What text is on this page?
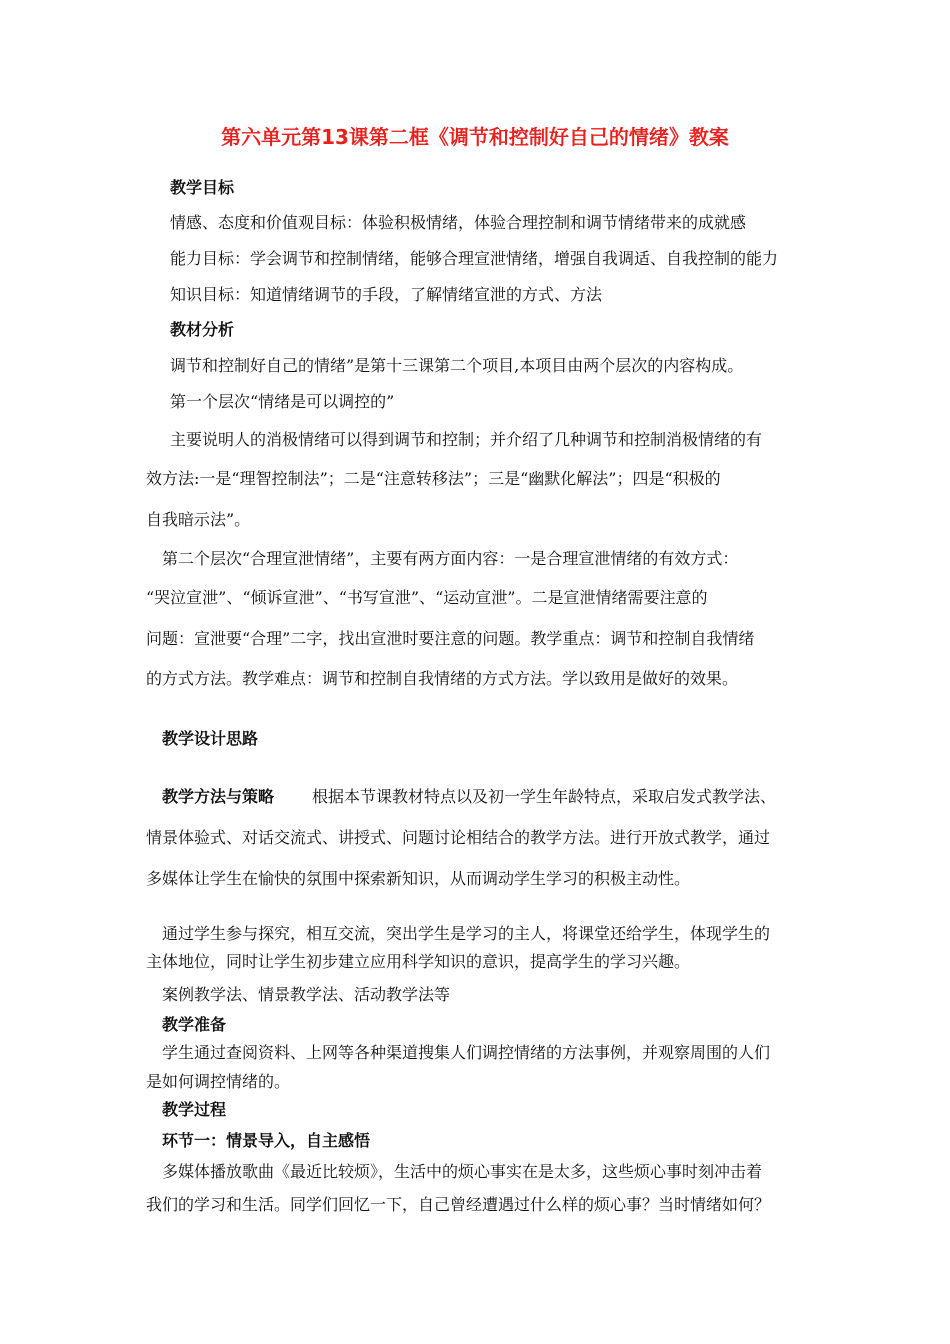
第六单元第13课第二框《调节和控制好自己的情绪》教案
教学目标
情感、态度和价值观目标：体验积极情绪，体验合理控制和调节情绪带来的成就感
能力目标：学会调节和控制情绪，能够合理宣泄情绪，增强自我调适、自我控制的能力
知识目标：知道情绪调节的手段，了解情绪宣泄的方式、方法
教材分析
调节和控制好自己的情绪”是第十三课第二个项目,本项目由两个层次的内容构成。
第一个层次“情绪是可以调控的”
主要说明人的消极情绪可以得到调节和控制；并介绍了几种调节和控制消极情绪的有
效方法:一是“理智控制法”；二是“注意转移法”；三是“幽默化解法”；四是“积极的
自我暗示法”。
第二个层次“合理宣泄情绪”，主要有两方面内容：一是合理宣泄情绪的有效方式：
“哭泣宣泄”、“倾诉宣泄”、“书写宣泄”、“运动宣泄”。二是宣泄情绪需要注意的
问题：宣泄要“合理”二字，找出宣泄时要注意的问题。教学重点：调节和控制自我情绪
的方式方法。教学难点：调节和控制自我情绪的方式方法。学以致用是做好的效果。
教学设计思路
教学方法与策略 根据本节课教材特点以及初一学生年龄特点，采取启发式教学法、
情景体验式、对话交流式、讲授式、问题讨论相结合的教学方法。进行开放式教学，通过
多媒体让学生在愉快的氛围中探索新知识，从而调动学生学习的积极主动性。
通过学生参与探究，相互交流，突出学生是学习的主人，将课堂还给学生，体现学生的
主体地位，同时让学生初步建立应用科学知识的意识，提高学生的学习兴趣。
案例教学法、情景教学法、活动教学法等
教学准备
学生通过查阅资料、上网等各种渠道搜集人们调控情绪的方法事例，并观察周围的人们
是如何调控情绪的。
教学过程
环节一：情景导入，自主感悟
多媒体播放歌曲《最近比较烦》，生活中的烦心事实在是太多，这些烦心事时刻冲击着
我们的学习和生活。同学们回忆一下，自己曾经遭遇过什么样的烦心事？当时情绪如何？
